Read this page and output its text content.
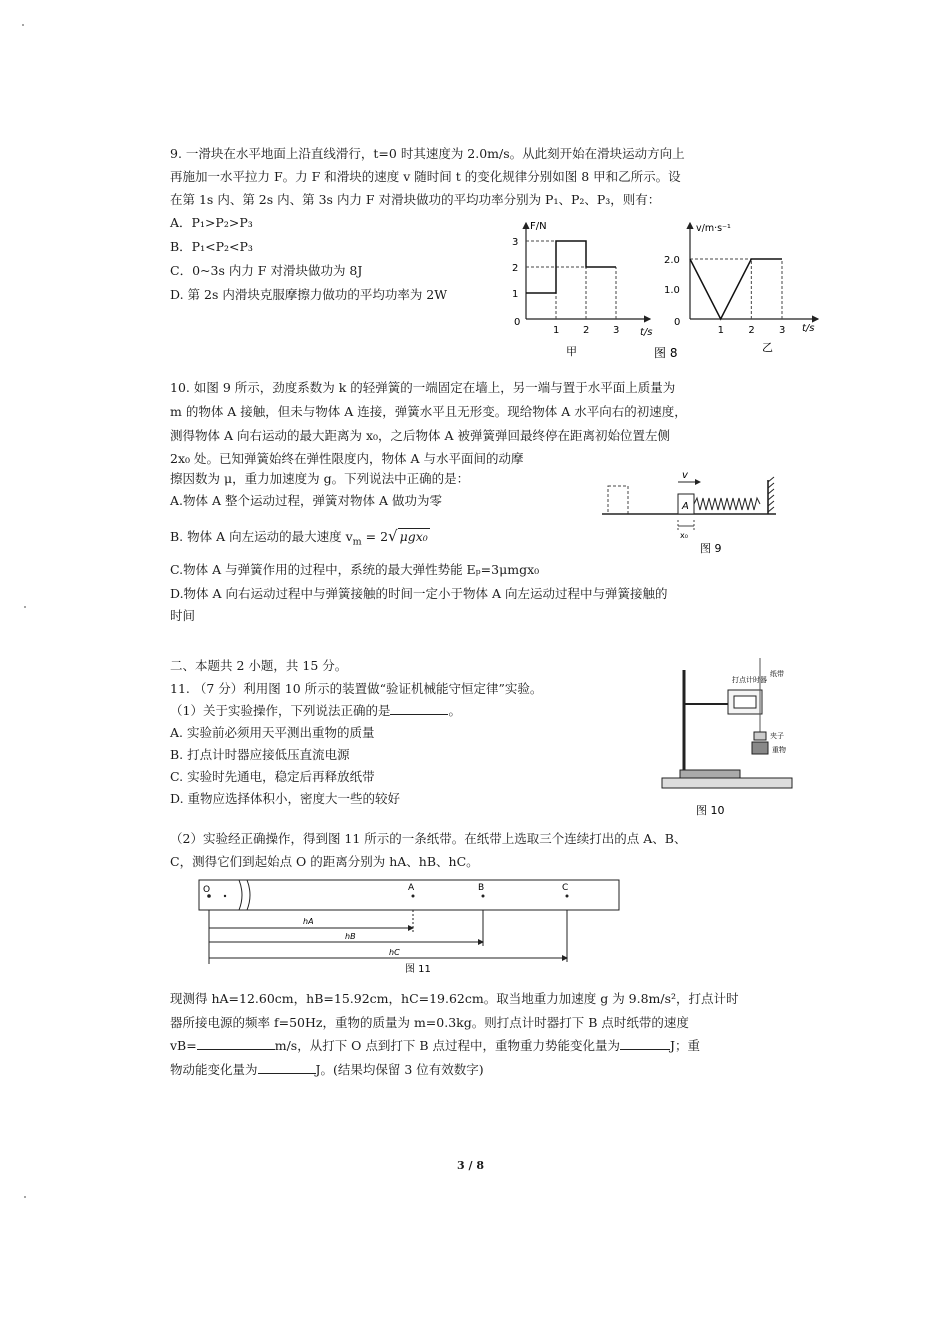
9. 一滑块在水平地面上沿直线滑行，t=0 时其速度为 2.0m/s。从此刻开始在滑块运动方向上
再施加一水平拉力 F。力 F 和滑块的速度 v 随时间 t 的变化规律分别如图 8 甲和乙所示。设
在第 1s 内、第 2s 内、第 3s 内力 F 对滑块做功的平均功率分别为 P₁、P₂、P₃，则有：
A．P₁>P₂>P₃
B．P₁<P₂<P₃
C．0~3s 内力 F 对滑块做功为 8J
D. 第 2s 内滑块克服摩擦力做功的平均功率为 2W
F/N
t/s
0
1
2
3
1 2 3
甲	图 8
v/m·s⁻¹
t/s
0
1.0
2.0
1 2 3
乙
10. 如图 9 所示，劲度系数为 k 的轻弹簧的一端固定在墙上，另一端与置于水平面上质量为
m 的物体 A 接触，但未与物体 A 连接，弹簧水平且无形变。现给物体 A 水平向右的初速度，
测得物体 A 向右运动的最大距离为 x₀，之后物体 A 被弹簧弹回最终停在距离初始位置左侧
2x₀ 处。已知弹簧始终在弹性限度内，物体 A 与水平面间的动摩
擦因数为 μ，重力加速度为 g。下列说法中正确的是：
A.物体 A 整个运动过程，弹簧对物体 A 做功为零
B. 物体 A 向左运动的最大速度 $v_m = 2√$ μgx₀
C.物体 A 与弹簧作用的过程中，系统的最大弹性势能 Eₚ=3μmgx₀
D.物体 A 向右运动过程中与弹簧接触的时间一定小于物体 A 向左运动过程中与弹簧接触的
时间
A
v
x₀
图 9
二、本题共 2 小题，共 15 分。
11. （7 分）利用图 10 所示的装置做“验证机械能守恒定律”实验。
（1）关于实验操作，下列说法正确的是	。
A. 实验前必须用天平测出重物的质量
B. 打点计时器应接低压直流电源
C. 实验时先通电，稳定后再释放纸带
D. 重物应选择体积小，密度大一些的较好
打点计时器
纸带
夹子
重物
图 10
（2）实验经正确操作，得到图 11 所示的一条纸带。在纸带上选取三个连续打出的点 A、B、
C，测得它们到起始点 O 的距离分别为 hA、hB、hC。
O	A	B	C
hA
hB
hC
图 11
现测得 hA=12.60cm，hB=15.92cm，hC=19.62cm。取当地重力加速度 g 为 9.8m/s²，打点计时
器所接电源的频率 f=50Hz，重物的质量为 m=0.3kg。则打点计时器打下 B 点时纸带的速度
vB=	m/s，从打下 O 点到打下 B 点过程中，重物重力势能变化量为	J；重
物动能变化量为	J。(结果均保留 3 位有效数字)
3 / 8
